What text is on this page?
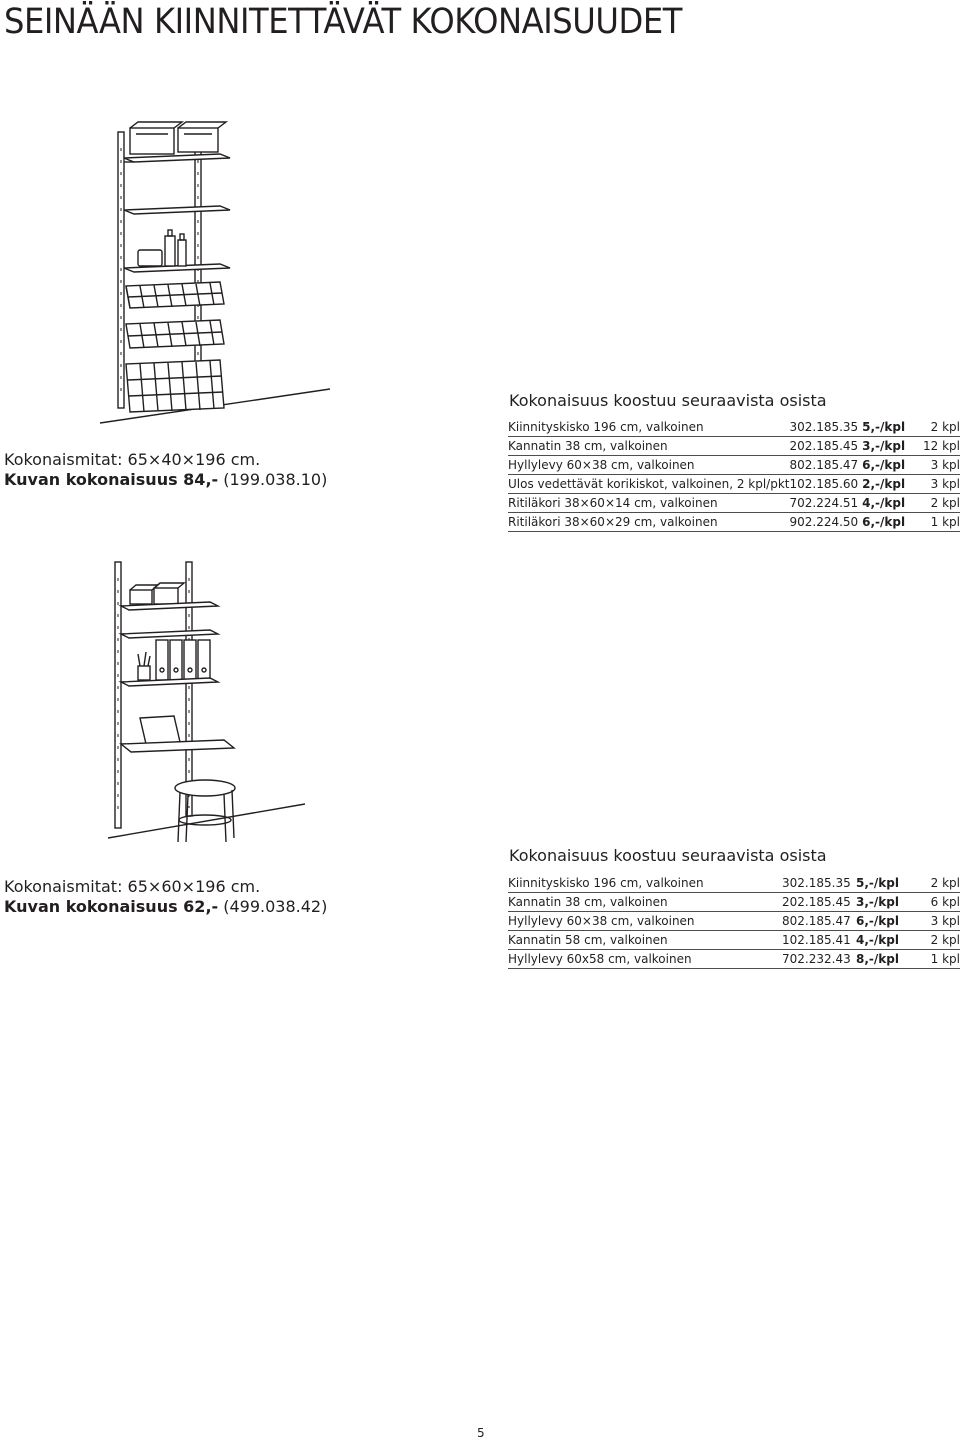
SEINÄÄN KIINNITETTÄVÄT KOKONAISUUDET
Kokonaismitat: 65×40×196 cm.
Kuvan kokonaisuus 84,- (199.038.10)
Kokonaisuus koostuu seuraavista osista
Kiinnityskisko 196 cm, valkoinen	302.185.35	5,-/kpl	2 kpl
Kannatin 38 cm, valkoinen	202.185.45	3,-/kpl	12 kpl
Hyllylevy 60×38 cm, valkoinen	802.185.47	6,-/kpl	3 kpl
Ulos vedettävät korikiskot, valkoinen, 2 kpl/pkt	102.185.60	2,-/kpl	3 kpl
Ritiläkori 38×60×14 cm, valkoinen	702.224.51	4,-/kpl	2 kpl
Ritiläkori 38×60×29 cm, valkoinen	902.224.50	6,-/kpl	1 kpl
Kokonaismitat: 65×60×196 cm.
Kuvan kokonaisuus 62,- (499.038.42)
Kokonaisuus koostuu seuraavista osista
Kiinnityskisko 196 cm, valkoinen	302.185.35	5,-/kpl	2 kpl
Kannatin 38 cm, valkoinen	202.185.45	3,-/kpl	6 kpl
Hyllylevy 60×38 cm, valkoinen	802.185.47	6,-/kpl	3 kpl
Kannatin 58 cm, valkoinen	102.185.41	4,-/kpl	2 kpl
Hyllylevy 60x58 cm, valkoinen	702.232.43	8,-/kpl	1 kpl
5
